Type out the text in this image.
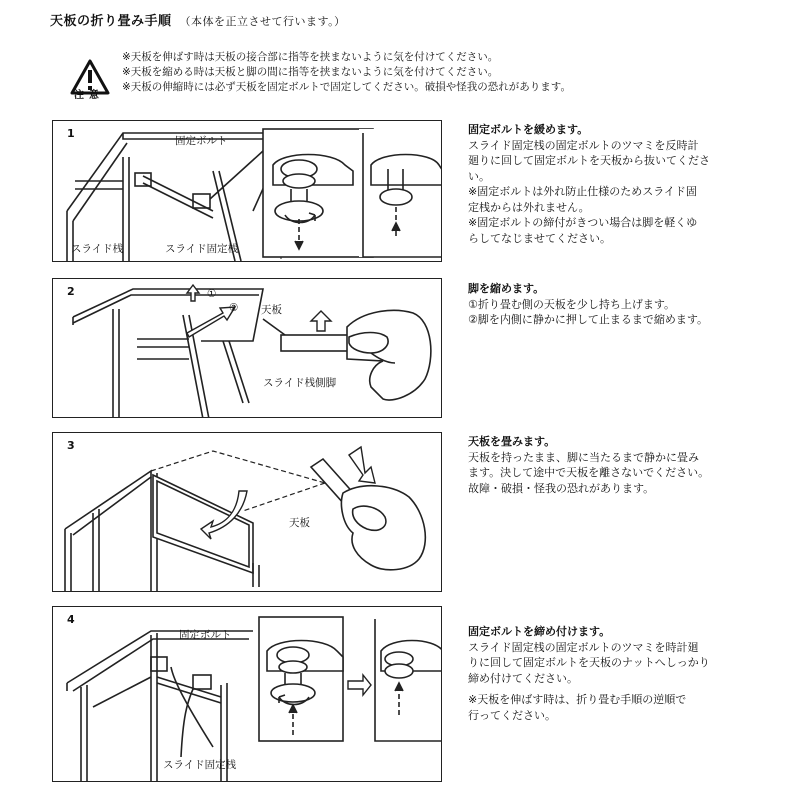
天板の折り畳み手順 （本体を正立させて行います。）
注意
※天板を伸ばす時は天板の接合部に指等を挟まないように気を付けてください。
※天板を縮める時は天板と脚の間に指等を挟まないように気を付けてください。
※天板の伸縮時には必ず天板を固定ボルトで固定してください。破損や怪我の恐れがあります。
1
固定ボルト
スライド桟	スライド固定桟
2	①
② 天板
スライド桟側脚
3
天板
4
固定ボルト
スライド固定桟
固定ボルトを緩めます。
スライド固定桟の固定ボルトのツマミを反時計
廻りに回して固定ボルトを天板から抜いてくださ
い。
※固定ボルトは外れ防止仕様のためスライド固
定桟からは外れません。
※固定ボルトの締付がきつい場合は脚を軽くゆ
らしてなじませてください。
脚を縮めます。
①折り畳む側の天板を少し持ち上げます。
②脚を内側に静かに押して止まるまで縮めます。
天板を畳みます。
天板を持ったまま、脚に当たるまで静かに畳み
ます。決して途中で天板を離さないでください。
故障・破損・怪我の恐れがあります。
固定ボルトを締め付けます。
スライド固定桟の固定ボルトのツマミを時計廻
りに回して固定ボルトを天板のナットへしっかり
締め付けてください。
※天板を伸ばす時は、折り畳む手順の逆順で
行ってください。
